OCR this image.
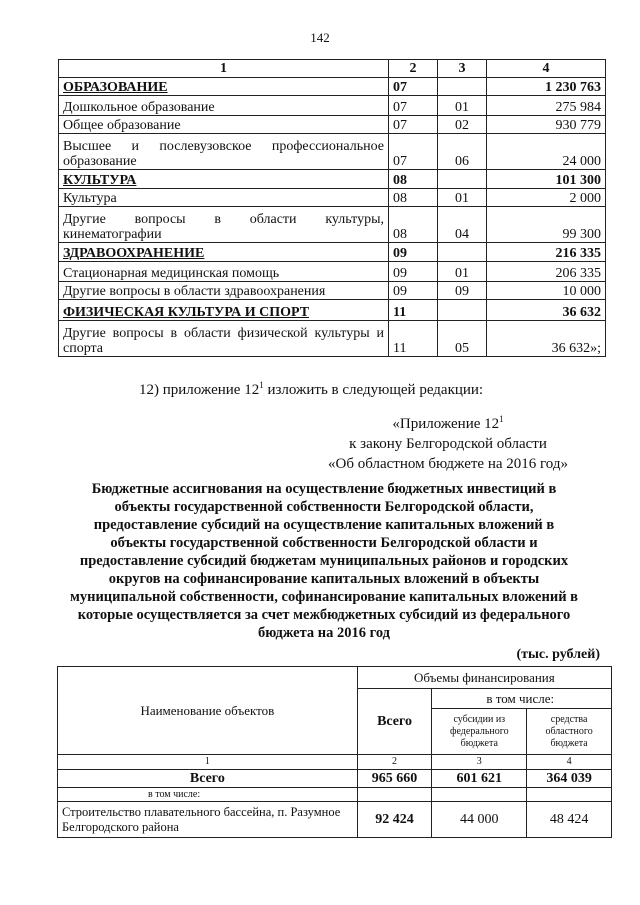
142
1	2	3	4
ОБРАЗОВАНИЕ	07		1 230 763
Дошкольное образование	07	01	275 984
Общее образование	07	02	930 779
Высшее и послевузовское профессиональное образование	07	06	24 000
КУЛЬТУРА	08		101 300
Культура	08	01	2 000
Другие вопросы в области культуры, кинематографии	08	04	99 300
ЗДРАВООХРАНЕНИЕ	09		216 335
Стационарная медицинская помощь	09	01	206 335
Другие вопросы в области здравоохранения	09	09	10 000
ФИЗИЧЕСКАЯ КУЛЬТУРА И СПОРТ	11		36 632
Другие вопросы в области физической культуры и спорта	11	05	36 632»;
12) приложение $12^1$ изложить в следующей редакции:
«Приложение $12^1$
к закону Белгородской области
«Об областном бюджете на 2016 год»
Бюджетные ассигнования на осуществление бюджетных инвестиций в
объекты государственной собственности Белгородской области,
предоставление субсидий на осуществление капитальных вложений в
объекты государственной собственности Белгородской области и
предоставление субсидий бюджетам муниципальных районов и городских
округов на софинансирование капитальных вложений в объекты
муниципальной собственности, софинансирование капитальных вложений в
которые осуществляется за счет межбюджетных субсидий из федерального
бюджета на 2016 год
(тыс. рублей)
Наименование объектов	Объемы финансирования		
	Всего	в том числе:	
		субсидии из федерального бюджета	средства областного бюджета
1	2	3	4
Всего	965 660	601 621	364 039
в том числе:			
Строительство плавательного бассейна, п. Разумное Белгородского района	92 424	44 000	48 424
